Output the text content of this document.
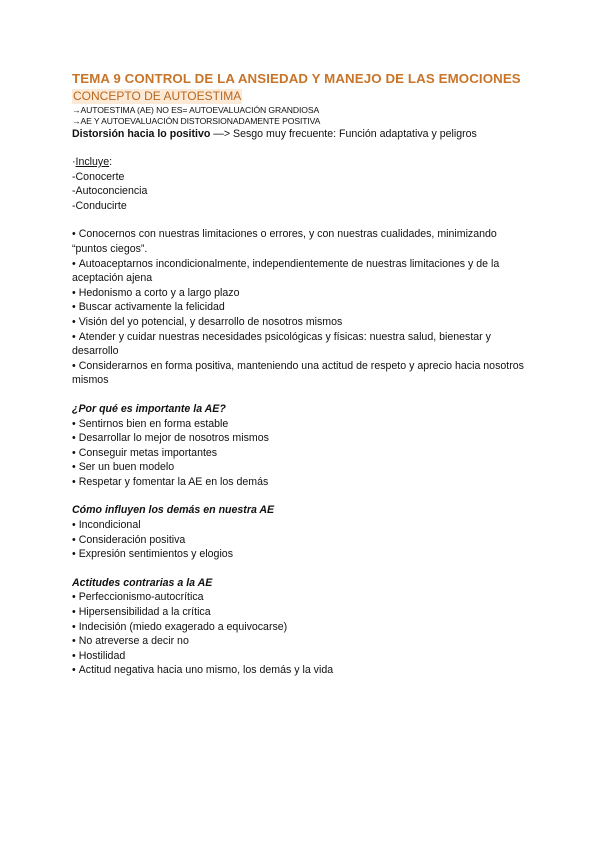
TEMA 9 CONTROL DE LA ANSIEDAD Y MANEJO DE LAS EMOCIONES
CONCEPTO DE AUTOESTIMA
→AUTOESTIMA (AE) NO ES= AUTOEVALUACIÓN GRANDIOSA
→AE Y AUTOEVALUACIÓN DISTORSIONADAMENTE POSITIVA
Distorsión hacia lo positivo —> Sesgo muy frecuente: Función adaptativa y peligros
·Incluye:
-Conocerte
-Autoconciencia
-Conducirte
• Conocernos con nuestras limitaciones o errores, y con nuestras cualidades, minimizando “puntos ciegos”.
• Autoaceptarnos incondicionalmente, independientemente de nuestras limitaciones y de la aceptación ajena
• Hedonismo a corto y a largo plazo
• Buscar activamente la felicidad
• Visión del yo potencial, y desarrollo de nosotros mismos
• Atender y cuidar nuestras necesidades psicológicas y físicas: nuestra salud, bienestar y desarrollo
• Considerarnos en forma positiva, manteniendo una actitud de respeto y aprecio hacia nosotros mismos
¿Por qué es importante la AE?
• Sentirnos bien en forma estable
• Desarrollar lo mejor de nosotros mismos
• Conseguir metas importantes
• Ser un buen modelo
• Respetar y fomentar la AE en los demás
Cómo influyen los demás en nuestra AE
• Incondicional
• Consideración positiva
• Expresión sentimientos y elogios
Actitudes contrarias a la AE
• Perfeccionismo-autocrítica
• Hipersensibilidad a la crítica
• Indecisión (miedo exagerado a equivocarse)
• No atreverse a decir no
• Hostilidad
• Actitud negativa hacia uno mismo, los demás y la vida
